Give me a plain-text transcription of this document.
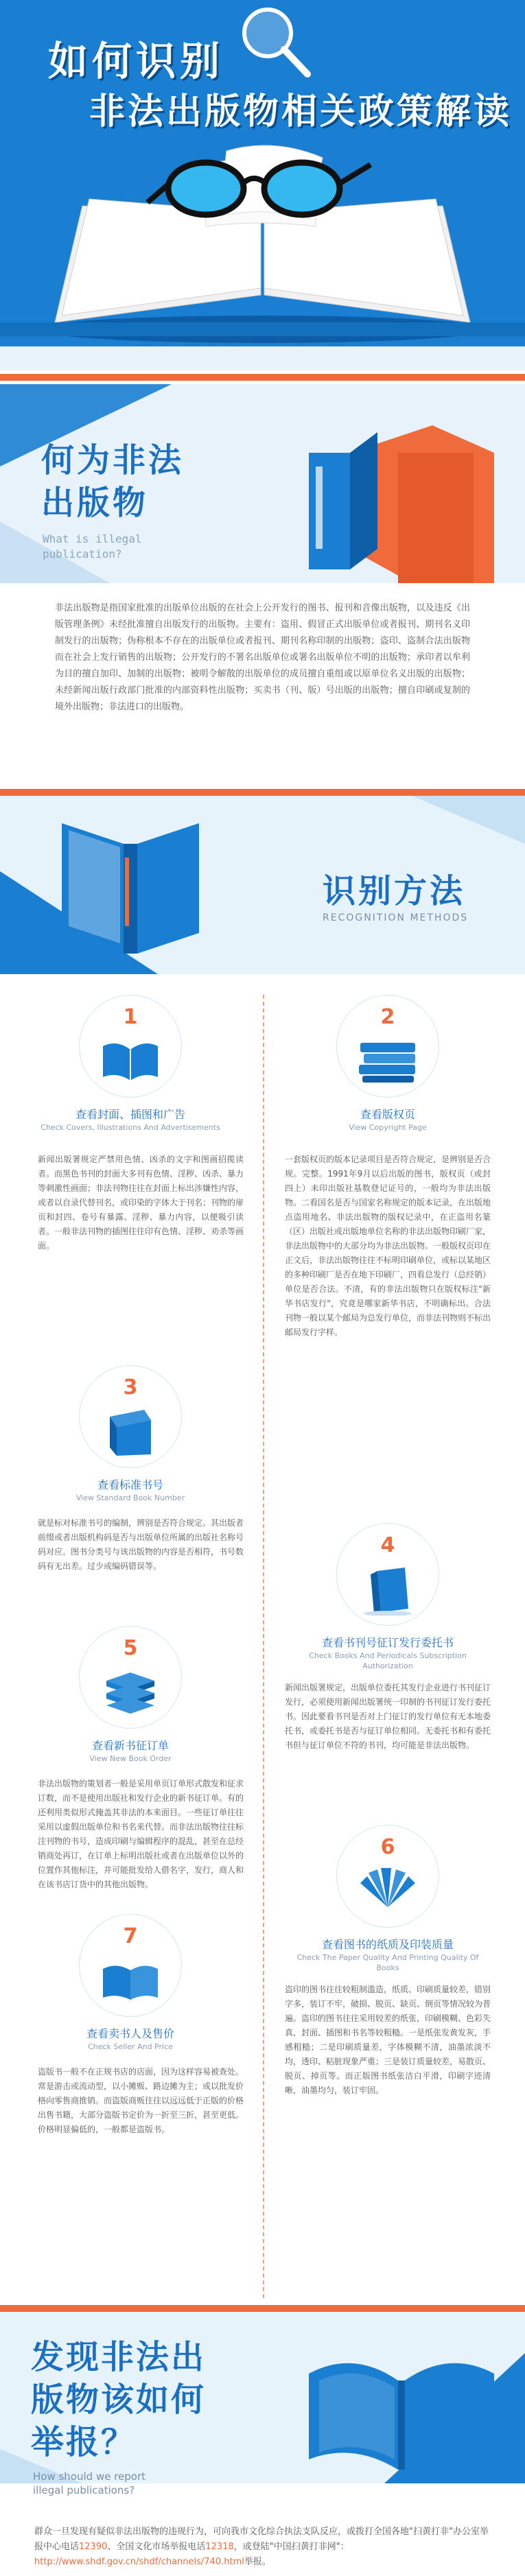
如何识别
非法出版物相关政策解读
何为非法
出版物
What is illegal
publication?
非法出版物是指国家批准的出版单位出版的在社会上公开发行的图书、报刊和音像出版物，以及违反《出版管理条例》未经批准擅自出版发行的出版物。主要有：盗用、假冒正式出版单位或者报刊、期刊名义印制发行的出版物；伪称根本不存在的出版单位或者报刊、期刊名称印制的出版物；盗印、盗制合法出版物而在社会上发行销售的出版物；公开发行的不署名出版单位或署名出版单位不明的出版物；承印者以牟利为目的擅自加印、加制的出版物；被明令解散的出版单位的成员擅自重组或以原单位名义出版的出版物；未经新闻出版行政部门批准的内部资料性出版物；买卖书（刊、版）号出版的出版物；擅自印刷或复制的境外出版物；非法进口的出版物。
识别方法
RECOGNITION METHODS
1
查看封面、插图和广告
Check Covers, Illustrations And Advertisements
新闻出版署规定严禁用色情、凶杀的文字和图画招揽读者。而黑色书刊的封面大多刊有色情、淫秽、凶杀、暴力等刺激性画面；非法刊物往往在封面上标出涉嫌性内容，或者以自录代替刊名，或印染的字体大于刊名；刊物的扉页和封四、卷号有暴露、淫秽、暴力内容，以便吸引读者。一般非法刊物的插图往往印有色情、淫秽、劝杀等画面。
2
查看版权页
View Copyright Page
一套版权页的版本记录项目是否符合规定，是辨别是否合规。完整。1991年9月以后出版的图书，版权页（或封四上）未印出版社基数登记证号的，一般均为非法出版物。二看国名是否与国家名称规定的版本记录，在出版地点盗用地名、非法出版物的版权记录中，在正盗用名篆（区）出版社或出版地单位名称的非法出版物印刷厂家，非法出版物中的大部分均为非法出版物。一般版权页印在正文后，非法出版物往往不标明印刷单位，或标以某地区的多种印刷厂是否在地下印刷厂，四看总发行（总经销）单位是否合法。不清，有的非法出版物只在版权标注"新华书店发行"，究竟是哪家新华书店，不明确标出。合法刊物一般以某个邮局为总发行单位，而非法刊物则不标出邮局发行字样。
3
查看标准书号
View Standard Book Number
就是标对标准书号的编制，辨别是否符合规定。其出版者前缀或者出版机构码是否与出版单位所属的出版社名称号码对应。图书分类号与该出版物的内容是否相符，书号数码有无出差。过少或编码错误等。
4
查看书刊号征订发行委托书
Check Books And Periodicals Subscription Authorization
新闻出版署规定，出版单位委托其发行企业进行书刊征订发行，必须使用新闻出版署统一印制的书刊征订发行委托书。因此要看书刊是否对上门征订的发行单位有无本地委托书，或委托书是否与征订单位相同。无委托书和有委托书但与征订单位不符的书刊，均可能是非法出版物。
5
查看新书征订单
View New Book Order
非法出版物的策划者一般是采用单页订单形式散发和征求订数，而不是使用出版社和发行企业的新书征订单。有的还利用类似形式掩盖其非法的本来面目。一些征订单往往采用以虚假出版单位和书名来代替。而非法出版物往往标注刊物的书号，造成印刷与编辑程序的混乱，甚至在总经销商处再订，在订单上标明出版社或者在出版单位以外的位置作其他标注，并可能批发给人借名字，发行，商人和在该书店订货中的其他出版物。
6
查看图书的纸质及印装质量
Check The Paper Quality And Printing Quality Of Books
盗印的图书往往较粗制滥造，纸质、印刷质量较差，错别字多，装订不牢，破损、脱页、缺页、倒页等情况较为普遍。盗印的图书往往采用较差的纸张，印刷模糊、色彩失真，封面、插图和书名等较粗糙。一是纸张发黄发灰，手感粗糙；二是印刷质量差，字体模糊不清，油墨浓淡不均，透印、粘脏现象严重；三是装订质量较差，易散页、脱页、掉页等。而正版图书纸张洁白平滑，印刷字迹清晰，油墨均匀，装订牢固。
7
查看卖书人及售价
Check Seller And Price
盗版书一般不在正规书店的店面，因为这样容易被查处。常是游击或流动型，以小摊贩、路边摊为主；或以批发价格向零售商推销。而盗版商贩往往以远远低于正版的价格出售书籍，大部分盗版书定价为一折至三折，甚至更低。价格明显偏低的，一般都是盗版书。
发现非法出
版物该如何
举报？
How should we report
illegal publications?
群众一旦发现有疑似非法出版物的违规行为，可向我市文化综合执法支队反应，或拨打全国各地"扫黄打非"办公室举报中心电话12390、全国文化市场举报电话12318，或登陆"中国扫黄打非网"：http://www.shdf.gov.cn/shdf/channels/740.html举报。
